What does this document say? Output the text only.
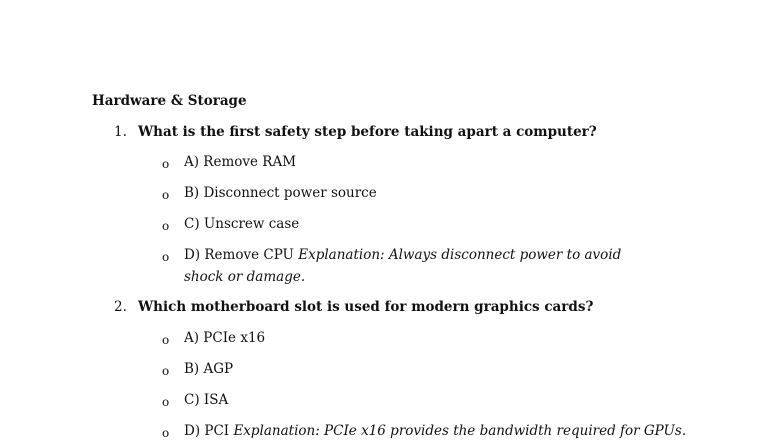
Hardware & Storage
1. What is the first safety step before taking apart a computer?
o A) Remove RAM
o B) Disconnect power source
o C) Unscrew case
o D) Remove CPU Explanation: Always disconnect power to avoid shock or damage.
2. Which motherboard slot is used for modern graphics cards?
o A) PCIe x16
o B) AGP
o C) ISA
o D) PCI Explanation: PCIe x16 provides the bandwidth required for GPUs.
